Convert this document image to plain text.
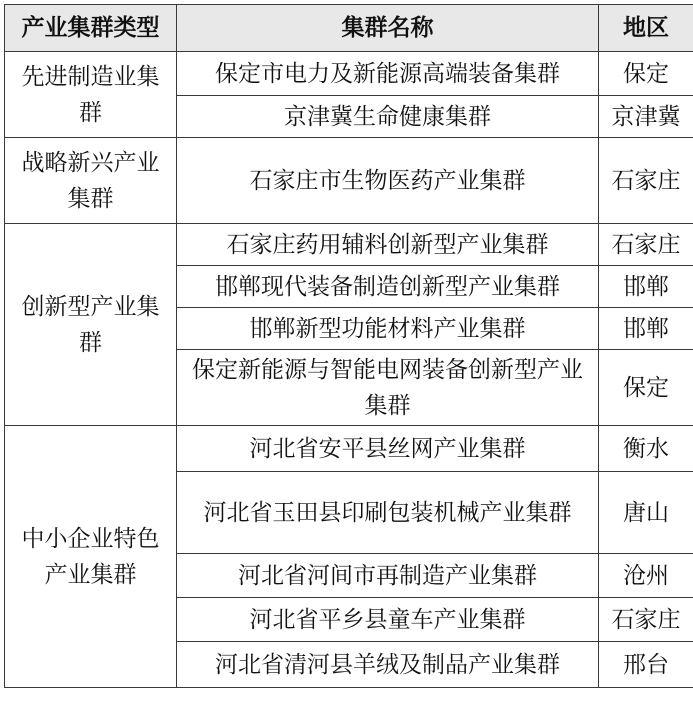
产业集群类型	集群名称	地区
先进制造业集群	保定市电力及新能源高端装备集群	保定
	京津冀生命健康集群	京津冀
战略新兴产业集群	石家庄市生物医药产业集群	石家庄
创新型产业集群	石家庄药用辅料创新型产业集群	石家庄
	邯郸现代装备制造创新型产业集群	邯郸
	邯郸新型功能材料产业集群	邯郸
	保定新能源与智能电网装备创新型产业集群	保定
中小企业特色产业集群	河北省安平县丝网产业集群	衡水
	河北省玉田县印刷包装机械产业集群	唐山
	河北省河间市再制造产业集群	沧州
	河北省平乡县童车产业集群	石家庄
	河北省清河县羊绒及制品产业集群	邢台
